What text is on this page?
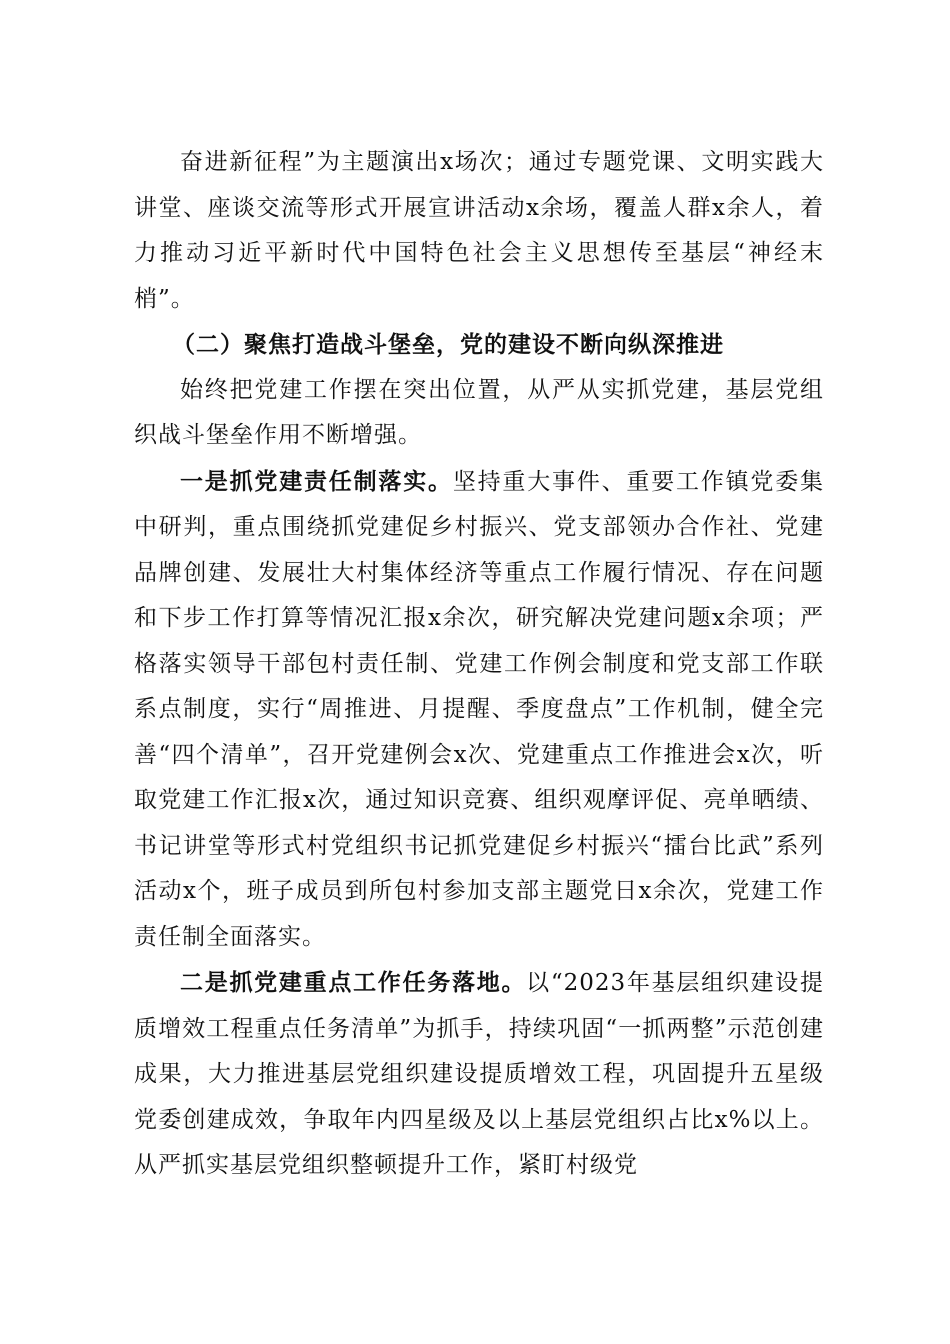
奋进新征程”为主题演出x场次；通过专题党课、文明实践大讲堂、座谈交流等形式开展宣讲活动x余场，覆盖人群x余人，着力推动习近平新时代中国特色社会主义思想传至基层“神经末梢”。

（二）聚焦打造战斗堡垒，党的建设不断向纵深推进

始终把党建工作摆在突出位置，从严从实抓党建，基层党组织战斗堡垒作用不断增强。

一是抓党建责任制落实。坚持重大事件、重要工作镇党委集中研判，重点围绕抓党建促乡村振兴、党支部领办合作社、党建品牌创建、发展壮大村集体经济等重点工作履行情况、存在问题和下步工作打算等情况汇报x余次，研究解决党建问题x余项；严格落实领导干部包村责任制、党建工作例会制度和党支部工作联系点制度，实行“周推进、月提醒、季度盘点”工作机制，健全完善“四个清单”，召开党建例会x次、党建重点工作推进会x次，听取党建工作汇报x次，通过知识竞赛、组织观摩评促、亮单晒绩、书记讲堂等形式村党组织书记抓党建促乡村振兴“擂台比武”系列活动x个，班子成员到所包村参加支部主题党日x余次，党建工作责任制全面落实。

二是抓党建重点工作任务落地。以“2023年基层组织建设提质增效工程重点任务清单”为抓手，持续巩固“一抓两整”示范创建成果，大力推进基层党组织建设提质增效工程，巩固提升五星级党委创建成效，争取年内四星级及以上基层党组织占比x%以上。从严抓实基层党组织整顿提升工作，紧盯村级党
